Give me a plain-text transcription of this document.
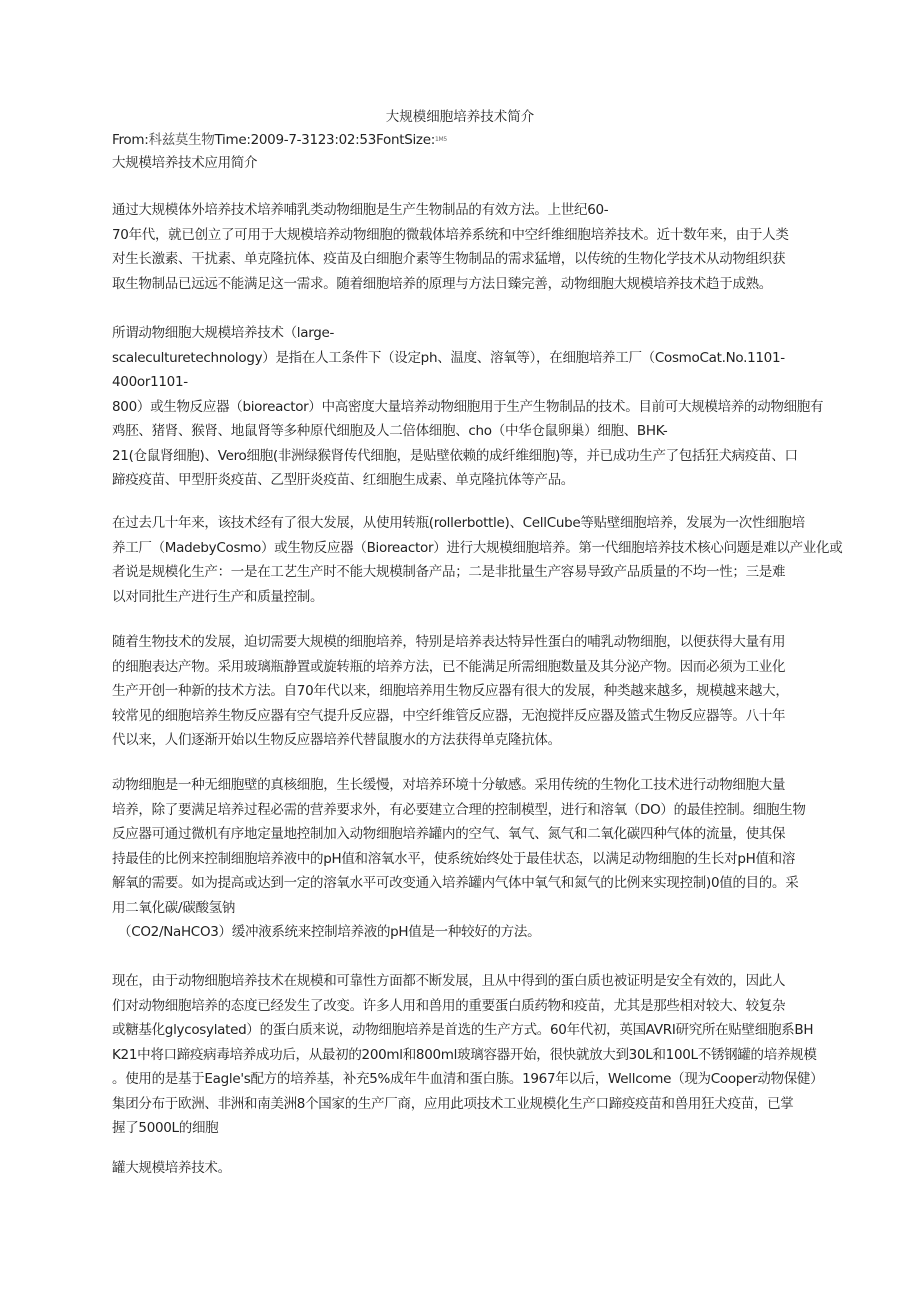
大规模细胞培养技术简介
From:科兹莫生物Time:2009-7-3123:02:53FontSize:$^{1M5}$
大规模培养技术应用简介
通过大规模体外培养技术培养哺乳类动物细胞是生产生物制品的有效方法。上世纪60-
70年代，就已创立了可用于大规模培养动物细胞的微载体培养系统和中空纤维细胞培养技术。近十数年来，由于人类
对生长激素、干扰素、单克隆抗体、疫苗及白细胞介素等生物制品的需求猛增，以传统的生物化学技术从动物组织获
取生物制品已远远不能满足这一需求。随着细胞培养的原理与方法日臻完善，动物细胞大规模培养技术趋于成熟。
所谓动物细胞大规模培养技术（large-
scaleculturetechnology）是指在人工条件下（设定ph、温度、溶氧等），在细胞培养工厂（CosmoCat.No.1101-
400or1101-
800）或生物反应器（bioreactor）中高密度大量培养动物细胞用于生产生物制品的技术。目前可大规模培养的动物细胞有
鸡胚、猪肾、猴肾、地鼠肾等多种原代细胞及人二倍体细胞、cho（中华仓鼠卵巢）细胞、BHK-
21(仓鼠肾细胞)、Vero细胞(非洲绿猴肾传代细胞，是贴壁依赖的成纤维细胞)等，并已成功生产了包括狂犬病疫苗、口
蹄疫疫苗、甲型肝炎疫苗、乙型肝炎疫苗、红细胞生成素、单克隆抗体等产品。
在过去几十年来，该技术经有了很大发展，从使用转瓶(rollerbottle)、CellCube等贴壁细胞培养，发展为一次性细胞培
养工厂（MadebyCosmo）或生物反应器（Bioreactor）进行大规模细胞培养。第一代细胞培养技术核心问题是难以产业化或
者说是规模化生产：一是在工艺生产时不能大规模制备产品；二是非批量生产容易导致产品质量的不均一性；三是难
以对同批生产进行生产和质量控制。
随着生物技术的发展，迫切需要大规模的细胞培养，特别是培养表达特异性蛋白的哺乳动物细胞，以便获得大量有用
的细胞表达产物。采用玻璃瓶静置或旋转瓶的培养方法，已不能满足所需细胞数量及其分泌产物。因而必须为工业化
生产开创一种新的技术方法。自70年代以来，细胞培养用生物反应器有很大的发展，种类越来越多，规模越来越大，
较常见的细胞培养生物反应器有空气提升反应器，中空纤维管反应器，无泡搅拌反应器及篮式生物反应器等。八十年
代以来，人们逐渐开始以生物反应器培养代替鼠腹水的方法获得单克隆抗体。
动物细胞是一种无细胞壁的真核细胞，生长缓慢，对培养环境十分敏感。采用传统的生物化工技术进行动物细胞大量
培养，除了要满足培养过程必需的营养要求外，有必要建立合理的控制模型，进行和溶氧（DO）的最佳控制。细胞生物
反应器可通过微机有序地定量地控制加入动物细胞培养罐内的空气、氧气、氮气和二氧化碳四种气体的流量，使其保
持最佳的比例来控制细胞培养液中的pH值和溶氧水平，使系统始终处于最佳状态，以满足动物细胞的生长对pH值和溶
解氧的需要。如为提高或达到一定的溶氧水平可改变通入培养罐内气体中氧气和氮气的比例来实现控制)0值的目的。采
用二氧化碳/碳酸氢钠
（CO2/NaHCO3）缓冲液系统来控制培养液的pH值是一种较好的方法。
现在，由于动物细胞培养技术在规模和可靠性方面都不断发展，且从中得到的蛋白质也被证明是安全有效的，因此人
们对动物细胞培养的态度已经发生了改变。许多人用和兽用的重要蛋白质药物和疫苗，尤其是那些相对较大、较复杂
或糖基化glycosylated）的蛋白质来说，动物细胞培养是首选的生产方式。60年代初，英国AVRI研究所在贴壁细胞系BH
K21中将口蹄疫病毒培养成功后，从最初的200ml和800ml玻璃容器开始，很快就放大到30L和100L不锈钢罐的培养规模
。使用的是基于Eagle's配方的培养基，补充5%成年牛血清和蛋白胨。1967年以后，Wellcome（现为Cooper动物保健）
集团分布于欧洲、非洲和南美洲8个国家的生产厂商，应用此项技术工业规模化生产口蹄疫疫苗和兽用狂犬疫苗，已掌
握了5000L的细胞
罐大规模培养技术。
